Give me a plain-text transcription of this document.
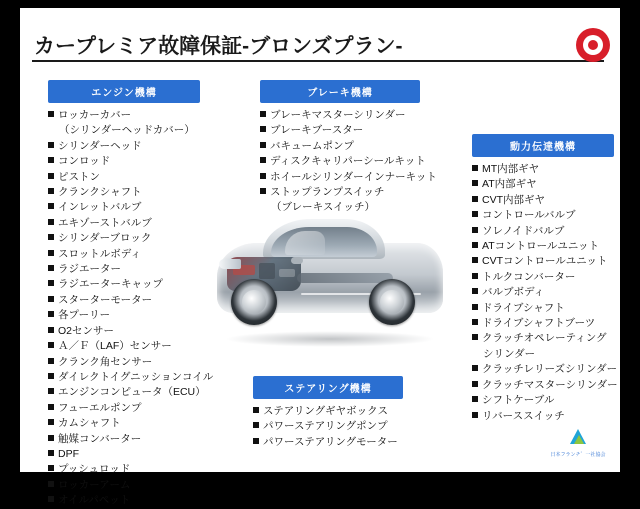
カープレミア故障保証-ブロンズプラン-
エンジン機構
ロッカーカバー
（シリンダーヘッドカバー）
シリンダーヘッド
コンロッド
ピストン
クランクシャフト
インレットバルブ
エキゾーストバルブ
シリンダーブロック
スロットルボディ
ラジエーター
ラジエーターキャップ
スターターモーター
各プーリー
O2センサー
Ａ／Ｆ（LAF）センサー
クランク角センサー
ダイレクトイグニッションコイル
エンジンコンピュータ（ECU）
フューエルポンプ
カムシャフト
触媒コンバーター
DPF
プッシュロッド
ロッカーアーム
オイルパペット
ブレーキ機構
ブレーキマスターシリンダー
ブレーキブースター
バキュームポンプ
ディスクキャリパーシールキット
ホイールシリンダーインナーキット
ストップランプスイッチ
（ブレーキスイッチ）
動力伝達機構
MT内部ギヤ
AT内部ギヤ
CVT内部ギヤ
コントロールバルブ
ソレノイドバルブ
ATコントロールユニット
CVTコントロールユニット
トルクコンバーター
バルブボディ
ドライブシャフト
ドライブシャフトブーツ
クラッチオペレーティング
シリンダー
クラッチレリーズシリンダー
クラッチマスターシリンダー
シフトケーブル
リバーススイッチ
ステアリング機構
ステアリングギヤボックス
パワーステアリングポンプ
パワーステアリングモーター
日本フランチ゛一社協会
